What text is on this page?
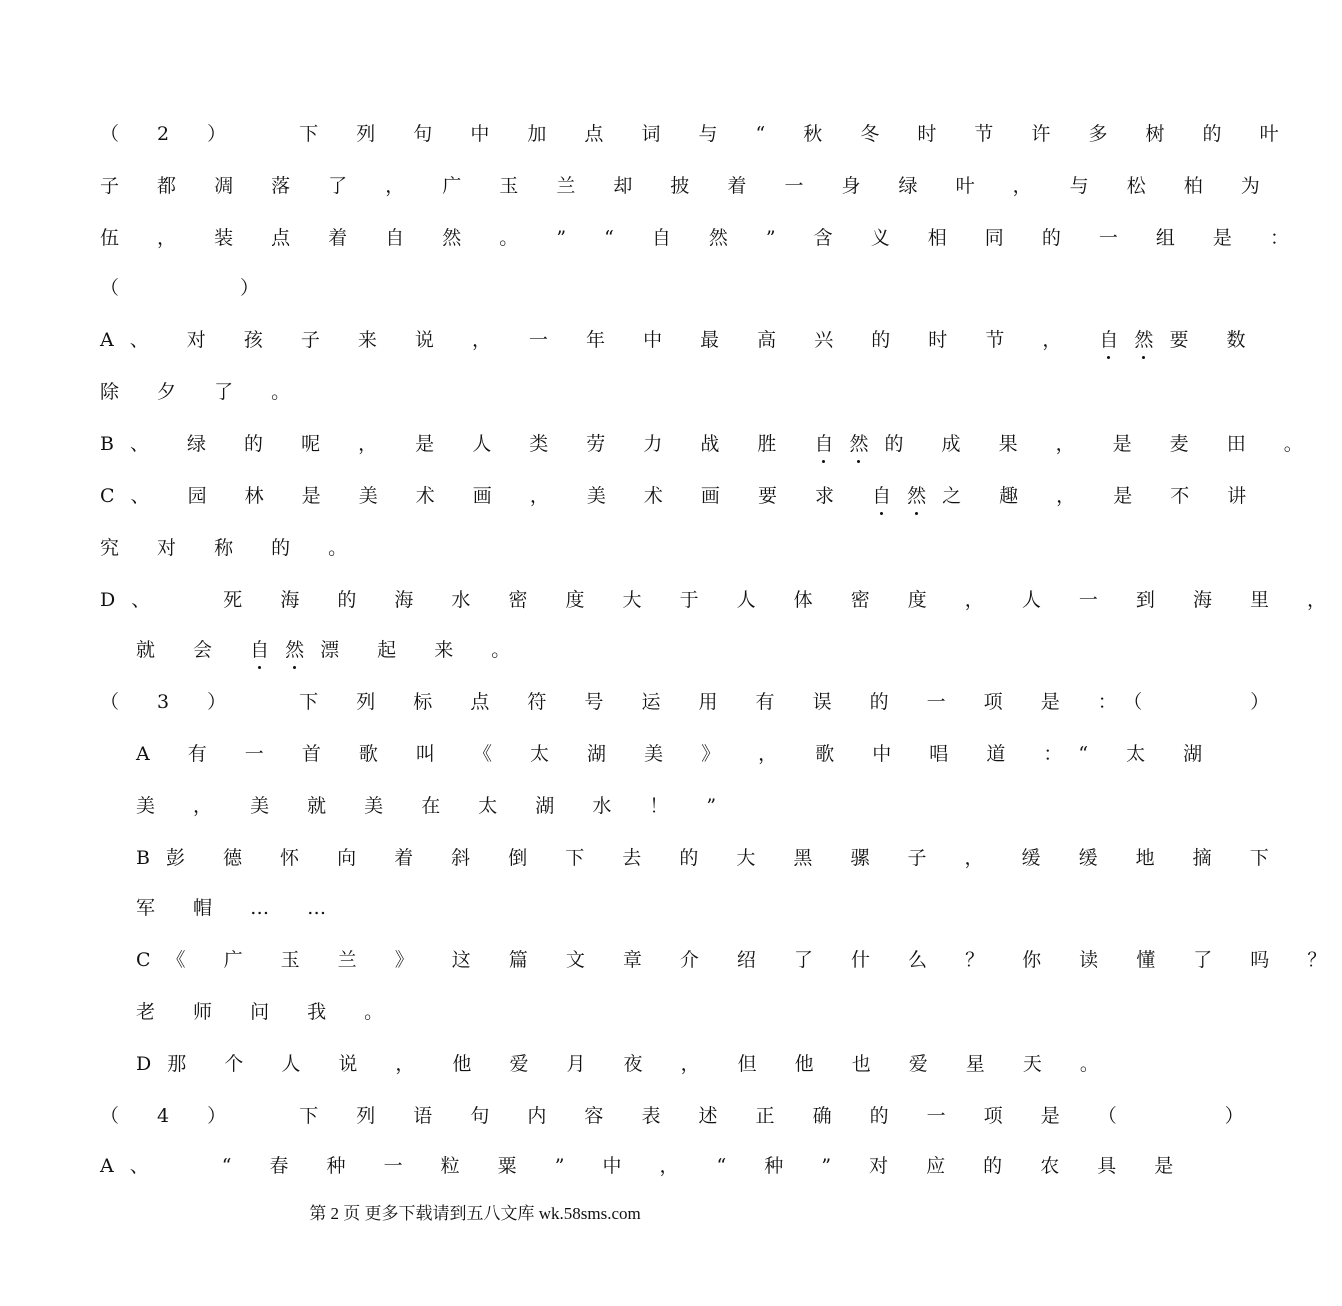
（ 2 ） 　下 列 句 中 加 点 词 与 “ 秋 冬 时 节 许 多 树 的 叶
子 都 凋 落 了 ， 广 玉 兰 却 披 着 一 身 绿 叶 ， 与 松 柏 为
伍 ， 装 点 着 自 然 。 ” “ 自 然 ” 含 义 相 同 的 一 组 是 ：
（　　　）
A、 对 孩 子 来 说 ， 一 年 中 最 高 兴 的 时 节 ， 自然要 数
除 夕 了 。
B、 绿 的 呢 ， 是 人 类 劳 力 战 胜 自然的 成 果 ， 是 麦 田 。
C、 园 林 是 美 术 画 ， 美 术 画 要 求 自然之 趣 ， 是 不 讲
究 对 称 的 。
D、 　死 海 的 海 水 密 度 大 于 人 体 密 度 ， 人 一 到 海 里 ，
就 会 自然漂 起 来 。
（ 3 ） 　下 列 标 点 符 号 运 用 有 误 的 一 项 是 ：（　　 ）
A 有 一 首 歌 叫 《 太 湖 美 》 ， 歌 中 唱 道 ：“ 太 湖
美 ， 美 就 美 在 太 湖 水 ！ ”
B彭 德 怀 向 着 斜 倒 下 去 的 大 黑 骡 子 ， 缓 缓 地 摘 下
军 帽 … …
C《 广 玉 兰 》 这 篇 文 章 介 绍 了 什 么 ？ 你 读 懂 了 吗 ？
老 师 问 我 。
D那 个 人 说 ， 他 爱 月 夜 ， 但 他 也 爱 星 天 。
（ 4 ） 　下 列 语 句 内 容 表 述 正 确 的 一 项 是 （　　 ）
A、 　“ 春 种 一 粒 粟 ” 中 ， “ 种 ” 对 应 的 农 具 是
第 2 页 更多下载请到五八文库 wk.58sms.com
